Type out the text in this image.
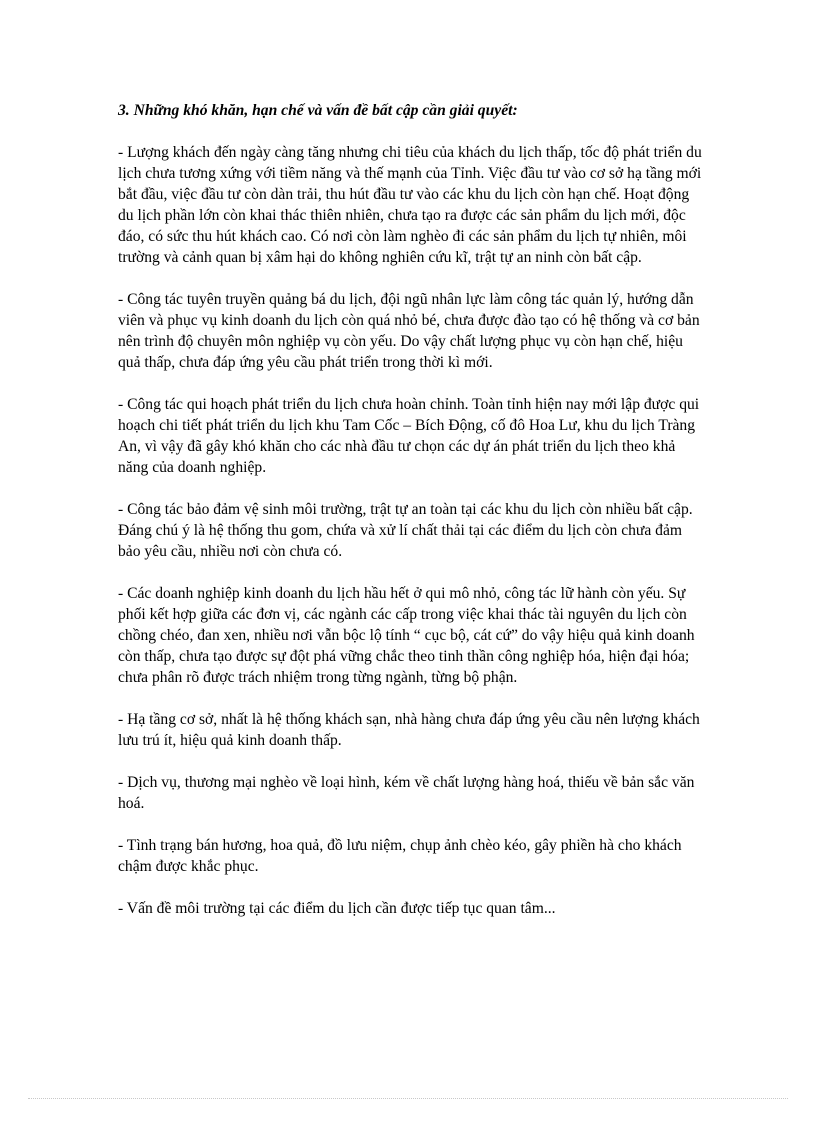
3. Những khó khăn, hạn chế và vấn đề bất cập cần giải quyết:

- Lượng khách đến ngày càng tăng nhưng chi tiêu của khách du lịch thấp, tốc độ phát triển du lịch chưa tương xứng với tiềm năng và thế mạnh của Tỉnh. Việc đầu tư vào cơ sở hạ tầng mới bắt đầu, việc đầu tư còn dàn trải, thu hút đầu tư vào các khu du lịch còn hạn chế. Hoạt động du lịch phần lớn còn khai thác thiên nhiên, chưa tạo ra được các sản phẩm du lịch mới, độc đáo, có sức thu hút khách cao. Có nơi còn làm nghèo đi các sản phẩm du lịch tự nhiên, môi trường và cảnh quan bị xâm hại do không nghiên cứu kĩ, trật tự an ninh còn bất cập.

- Công tác tuyên truyền quảng bá du lịch, đội ngũ nhân lực làm công tác quản lý, hướng dẫn viên và phục vụ kinh doanh du lịch còn quá nhỏ bé, chưa được đào tạo có hệ thống và cơ bản nên trình độ chuyên môn nghiệp vụ còn yếu. Do vậy chất lượng phục vụ còn hạn chế, hiệu quả thấp, chưa đáp ứng yêu cầu phát triển trong thời kì mới.

- Công tác qui hoạch phát triển du lịch chưa hoàn chỉnh. Toàn tỉnh hiện nay mới lập được qui hoạch chi tiết phát triển du lịch khu Tam Cốc – Bích Động, cố đô Hoa Lư, khu du lịch Tràng An, vì vậy đã gây khó khăn cho các nhà đầu tư chọn các dự án phát triển du lịch theo khả năng của doanh nghiệp.

- Công tác bảo đảm vệ sinh môi trường, trật tự an toàn tại các khu du lịch còn nhiều bất cập. Đáng chú ý là hệ thống thu gom, chứa và xử lí chất thải tại các điểm du lịch còn chưa đảm bảo yêu cầu, nhiều nơi còn chưa có.

- Các doanh nghiệp kinh doanh du lịch hầu hết ở qui mô nhỏ, công tác lữ hành còn yếu. Sự phối kết hợp giữa các đơn vị, các ngành các cấp trong việc khai thác tài nguyên du lịch còn chồng chéo, đan xen, nhiều nơi vẫn bộc lộ tính “ cục bộ, cát cứ” do vậy hiệu quả kinh doanh còn thấp, chưa tạo được sự đột phá vững chắc theo tinh thần công nghiệp hóa, hiện đại hóa; chưa phân rõ được trách nhiệm trong từng ngành, từng bộ phận.

- Hạ tầng cơ sở, nhất là hệ thống khách sạn, nhà hàng chưa đáp ứng yêu cầu nên lượng khách lưu trú ít, hiệu quả kinh doanh thấp.

- Dịch vụ, thương mại nghèo về loại hình, kém về chất lượng hàng hoá, thiếu về bản sắc văn hoá.

- Tình trạng bán hương, hoa quả, đồ lưu niệm, chụp ảnh chèo kéo, gây phiền hà cho khách chậm được khắc phục.

- Vấn đề môi trường tại các điểm du lịch cần được tiếp tục quan tâm...
